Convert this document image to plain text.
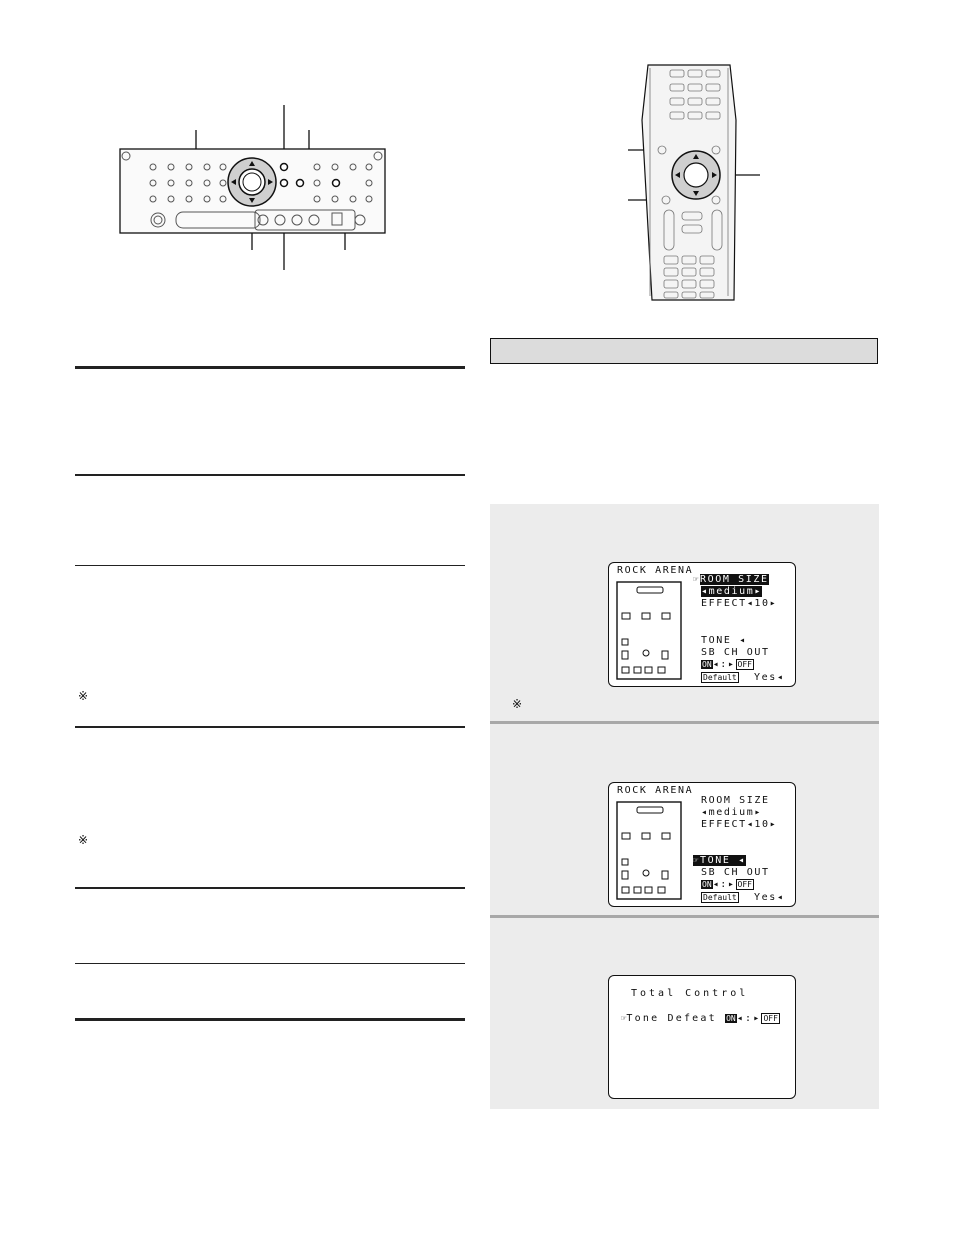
※
※
ROCK ARENA
☞ROOM SIZE
◂medium▸
EFFECT◂10▸
TONE ◂
SB CH OUT
ON◂:▸ OFF
Default Yes◂
※
ROCK ARENA
ROOM SIZE
◂medium▸
EFFECT◂10▸
☞TONE ◂
SB CH OUT
ON◂:▸ OFF
Default Yes◂
Total Control
☞Tone Defeat ON◂:▸ OFF
